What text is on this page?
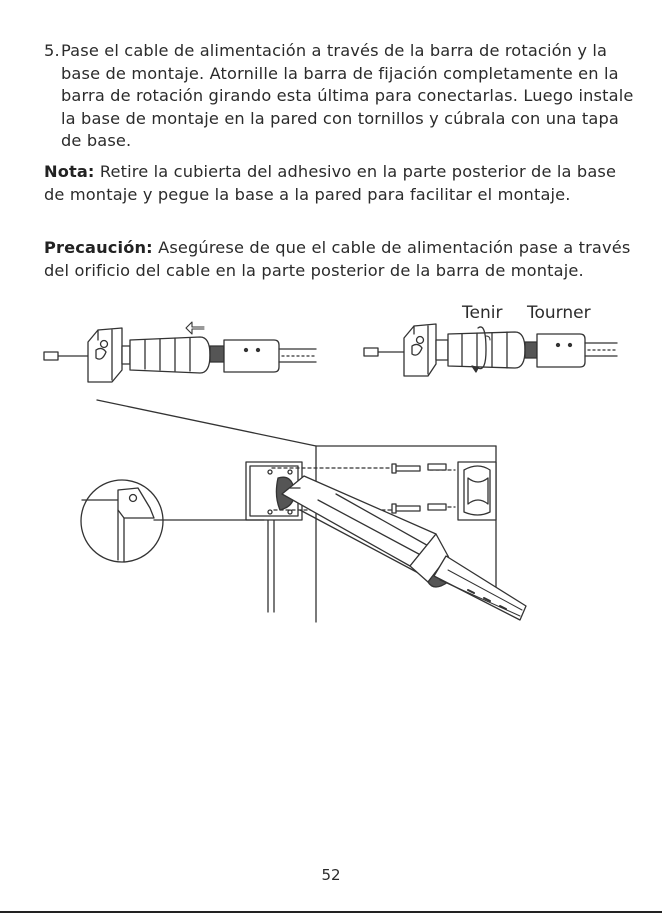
5. Pase el cable de alimentación a través de la barra de rotación y la base de montaje. Atornille la barra de fijación completamente en la barra de rotación girando esta última para conectarlas. Luego instale la base de montaje en la pared con tornillos y cúbrala con una tapa de base.
Nota: Retire la cubierta del adhesivo en la parte posterior de la base de montaje y pegue la base a la pared para facilitar el montaje.
Precaución: Asegúrese de que el cable de alimentación pase a través del orificio del cable en la parte posterior de la barra de montaje.
Tenir Tourner
52
